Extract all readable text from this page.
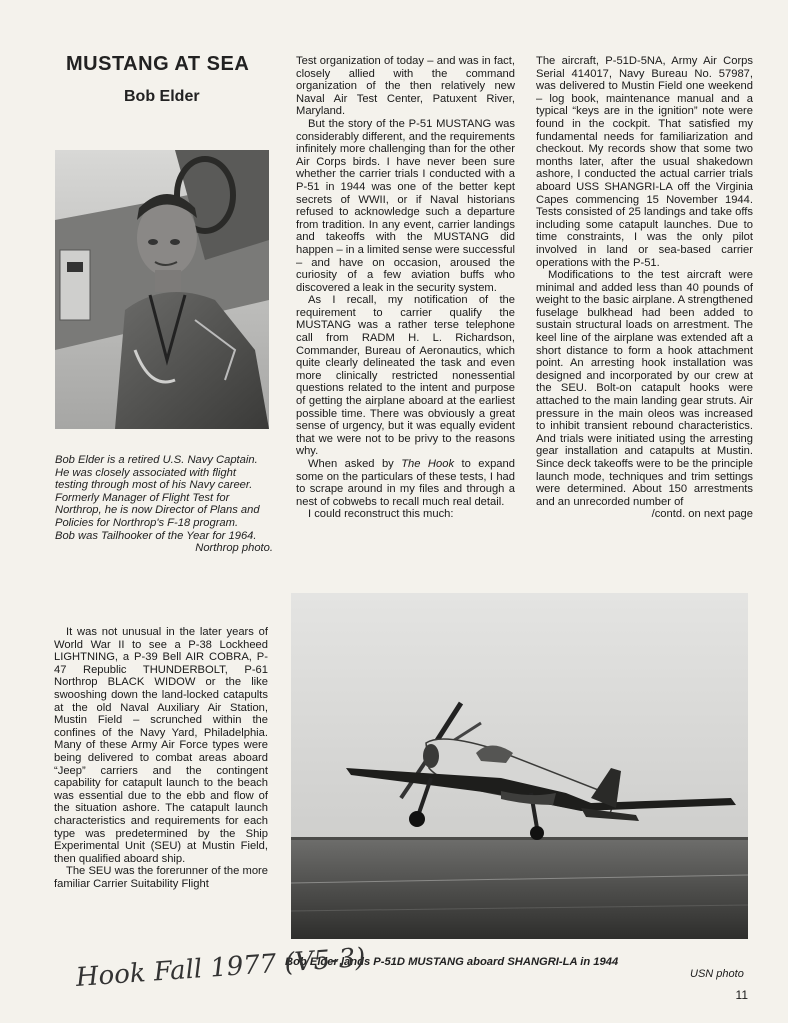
MUSTANG AT SEA
Bob Elder
Bob Elder is a retired U.S. Navy Captain.
He was closely associated with flight
testing through most of his Navy career.
Formerly Manager of Flight Test for
Northrop, he is now Director of Plans and
Policies for Northrop's F-18 program.
Bob was Tailhooker of the Year for 1964.
Northrop photo.

It was not unusual in the later years of World War II to see a P-38 Lockheed LIGHTNING, a P-39 Bell AIR COBRA, P-47 Republic THUNDERBOLT, P-61 Northrop BLACK WIDOW or the like swooshing down the land-locked catapults at the old Naval Auxiliary Air Station, Mustin Field – scrunched within the confines of the Navy Yard, Philadelphia. Many of these Army Air Force types were being delivered to combat areas aboard “Jeep” carriers and the contingent capability for catapult launch to the beach was essential due to the ebb and flow of the situation ashore. The catapult launch characteristics and requirements for each type was predetermined by the Ship Experimental Unit (SEU) at Mustin Field, then qualified aboard ship.

The SEU was the forerunner of the more familiar Carrier Suitability Flight

Test organization of today – and was in fact, closely allied with the command organization of the then relatively new Naval Air Test Center, Patuxent River, Maryland.

But the story of the P-51 MUSTANG was considerably different, and the requirements infinitely more challenging than for the other Air Corps birds. I have never been sure whether the carrier trials I conducted with a P-51 in 1944 was one of the better kept secrets of WWII, or if Naval historians refused to acknowledge such a departure from tradition. In any event, carrier landings and takeoffs with the MUSTANG did happen – in a limited sense were successful – and have on occasion, aroused the curiosity of a few aviation buffs who discovered a leak in the security system.

As I recall, my notification of the requirement to carrier qualify the MUSTANG was a rather terse telephone call from RADM H. L. Richardson, Commander, Bureau of Aeronautics, which quite clearly delineated the task and even more clinically restricted nonessential questions related to the intent and purpose of getting the airplane aboard at the earliest possible time. There was obviously a great sense of urgency, but it was equally evident that we were not to be privy to the reasons why.

When asked by The Hook to expand some on the particulars of these tests, I had to scrape around in my files and through a nest of cobwebs to recall much real detail.

I could reconstruct this much:

The aircraft, P-51D-5NA, Army Air Corps Serial 414017, Navy Bureau No. 57987, was delivered to Mustin Field one weekend – log book, maintenance manual and a typical “keys are in the ignition” note were found in the cockpit. That satisfied my fundamental needs for familiarization and checkout. My records show that some two months later, after the usual shakedown ashore, I conducted the actual carrier trials aboard USS SHANGRI-LA off the Virginia Capes commencing 15 November 1944. Tests consisted of 25 landings and take offs including some catapult launches. Due to time constraints, I was the only pilot involved in land or sea-based carrier operations with the P-51.

Modifications to the test aircraft were minimal and added less than 40 pounds of weight to the basic airplane. A strengthened fuselage bulkhead had been added to sustain structural loads on arrestment. The keel line of the airplane was extended aft a short distance to form a hook attachment point. An arresting hook installation was designed and incorporated by our crew at the SEU. Bolt-on catapult hooks were attached to the main landing gear struts. Air pressure in the main oleos was increased to inhibit transient rebound characteristics. And trials were initiated using the arresting gear installation and catapults at Mustin. Since deck takeoffs were to be the principle launch mode, techniques and trim settings were determined. About 150 arrestments and an unrecorded number of

/contd. on next page
Bob Elder lands P-51D MUSTANG aboard SHANGRI-LA in 1944
USN photo
11
Hook Fall 1977 (V5-3)
